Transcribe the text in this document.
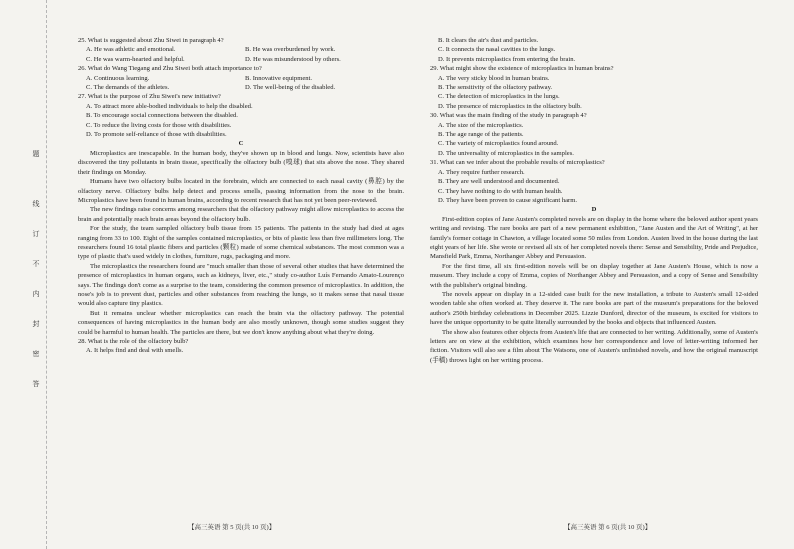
题
线
订
不
内
封
密
答

25. What is suggested about Zhu Siwei in paragraph 4?

A. He was athletic and emotional.	B. He was overburdened by work.
C. He was warm-hearted and helpful.	D. He was misunderstood by others.

26. What do Wang Tiegang and Zhu Siwei both attach importance to?

A. Continuous learning.	B. Innovative equipment.
C. The demands of the athletes.	D. The well-being of the disabled.

27. What is the purpose of Zhu Siwei's new initiative?

A. To attract more able-bodied individuals to help the disabled.
B. To encourage social connections between the disabled.
C. To reduce the living costs for those with disabilities.
D. To promote self-reliance of those with disabilities.

C

Microplastics are inescapable. In the human body, they've shown up in blood and lungs. Now, scientists have also discovered the tiny pollutants in brain tissue, specifically the olfactory bulb (嗅球) that sits above the nose. They shared their findings on Monday.

Humans have two olfactory bulbs located in the forebrain, which are connected to each nasal cavity (鼻腔) by the olfactory nerve. Olfactory bulbs help detect and process smells, passing information from the nose to the brain. Microplastics have been found in human brains, according to recent research that has not yet been peer-reviewed.

The new findings raise concerns among researchers that the olfactory pathway might allow microplastics to access the brain and potentially reach brain areas beyond the olfactory bulb.

For the study, the team sampled olfactory bulb tissue from 15 patients. The patients in the study had died at ages ranging from 33 to 100. Eight of the samples contained microplastics, or bits of plastic less than five millimeters long. The researchers found 16 total plastic fibers and particles (颗粒) made of some chemical substances. The most common was a type of plastic that's used widely in clothes, furniture, rugs, packaging and more.

The microplastics the researchers found are "much smaller than those of several other studies that have determined the presence of microplastics in human organs, such as kidneys, liver, etc.," study co-author Luís Fernando Amato-Lourenço says. The findings don't come as a surprise to the team, considering the common presence of microplastics. In addition, the nose's job is to prevent dust, particles and other substances from reaching the lungs, so it makes sense that nasal tissue would also capture tiny plastics.

But it remains unclear whether microplastics can reach the brain via the olfactory pathway. The potential consequences of having microplastics in the human body are also mostly unknown, though some studies suggest they could be harmful to human health. The particles are there, but we don't know anything about what they're doing.

28. What is the role of the olfactory bulb?

A. It helps find and deal with smells.

B. It clears the air's dust and particles.
C. It connects the nasal cavities to the lungs.
D. It prevents microplastics from entering the brain.

29. What might show the existence of microplastics in human brains?

A. The very sticky blood in human brains.
B. The sensitivity of the olfactory pathway.
C. The detection of microplastics in the lungs.
D. The presence of microplastics in the olfactory bulb.

30. What was the main finding of the study in paragraph 4?

A. The size of the microplastics.
B. The age range of the patients.
C. The variety of microplastics found around.
D. The universality of microplastics in the samples.

31. What can we infer about the probable results of microplastics?

A. They require further research.
B. They are well understood and documented.
C. They have nothing to do with human health.
D. They have been proven to cause significant harm.

D

First-edition copies of Jane Austen's completed novels are on display in the home where the beloved author spent years writing and revising. The rare books are part of a new permanent exhibition, "Jane Austen and the Art of Writing", at her family's former cottage in Chawton, a village located some 50 miles from London. Austen lived in the house during the last eight years of her life. She wrote or revised all six of her completed novels there: Sense and Sensibility, Pride and Prejudice, Mansfield Park, Emma, Northanger Abbey and Persuasion.

For the first time, all six first-edition novels will be on display together at Jane Austen's House, which is now a museum. They include a copy of Emma, copies of Northanger Abbey and Persuasion, and a copy of Sense and Sensibility with the publisher's original binding.

The novels appear on display in a 12-sided case built for the new installation, a tribute to Austen's small 12-sided wooden table she often worked at. They deserve it. The rare books are part of the museum's preparations for the beloved author's 250th birthday celebrations in December 2025. Lizzie Dunford, director of the museum, is excited for visitors to have the unique opportunity to be quite literally surrounded by the books and objects that influenced Austen.

The show also features other objects from Austen's life that are connected to her writing. Additionally, some of Austen's letters are on view at the exhibition, which examines how her correspondence and love of letter-writing informed her fiction. Visitors will also see a film about The Watsons, one of Austen's unfinished novels, and how the original manuscript (手稿) throws light on her writing process.

【高三英语 第 5 页(共 10 页)】	【高三英语 第 6 页(共 10 页)】
